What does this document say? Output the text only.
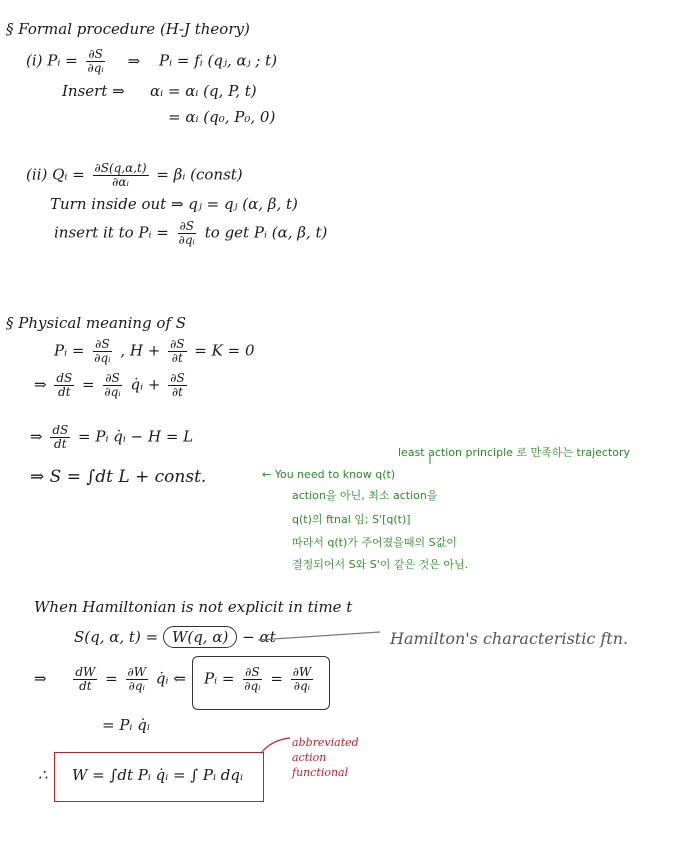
§ Formal procedure (H-J theory)
(i) Pᵢ = $\frac{\partial S}{\text{∂qᵢ}}$ ⇒ Pᵢ = fᵢ (qⱼ, αⱼ ; t)
Insert ⇒ αᵢ = αᵢ (q, P, t)
= αᵢ (q₀, P₀, 0)
(ii) Qᵢ = $\frac{\partial S(q,\alpha,t)}{\text{∂αᵢ}}$ = βᵢ (const)
Turn inside out ⇒ qⱼ = qⱼ (α, β, t)
insert it to Pᵢ = $\frac{\partial S}{\text{∂qᵢ}}$ to get Pᵢ (α, β, t)
§ Physical meaning of S
Pᵢ = $\frac{\partial S}{\text{∂qᵢ}}$ , $H + \frac{\partial S}{\partial t} = K = 0$
⇒ $\frac{dS}{dt} = \frac{\partial S}{\text{∂qᵢ}}$ q̇ᵢ + $\frac{\partial S}{\partial t}$
⇒ $\frac{dS}{dt}$ = Pᵢ q̇ᵢ − H = L
⇒ S = ∫dt L + const.
least action principle 로 만족하는 trajectory
← You need to know q(t)
action을 아닌, 최소 action을
q(t)의 ftnal 임; S'[q(t)]
따라서 q(t)가 주어졌을때의 S값이
결정되어서 S와 S'이 같은 것은 아님.
When Hamiltonian is not explicit in time t
S(q, α, t) = W(q, α) − αt	Hamilton's characteristic ftn.
⇒ $\frac{dW}{dt} = \frac{\partial W}{\text{∂qᵢ}}$ q̇ᵢ ⇐ Pᵢ = $\frac{\partial S}{\text{∂qᵢ}} = \frac{\partial W}{\text{∂qᵢ}}$
= Pᵢ q̇ᵢ
∴ W = ∫dt Pᵢ q̇ᵢ = ∫ Pᵢ dqᵢ
abbreviated
action
functional
